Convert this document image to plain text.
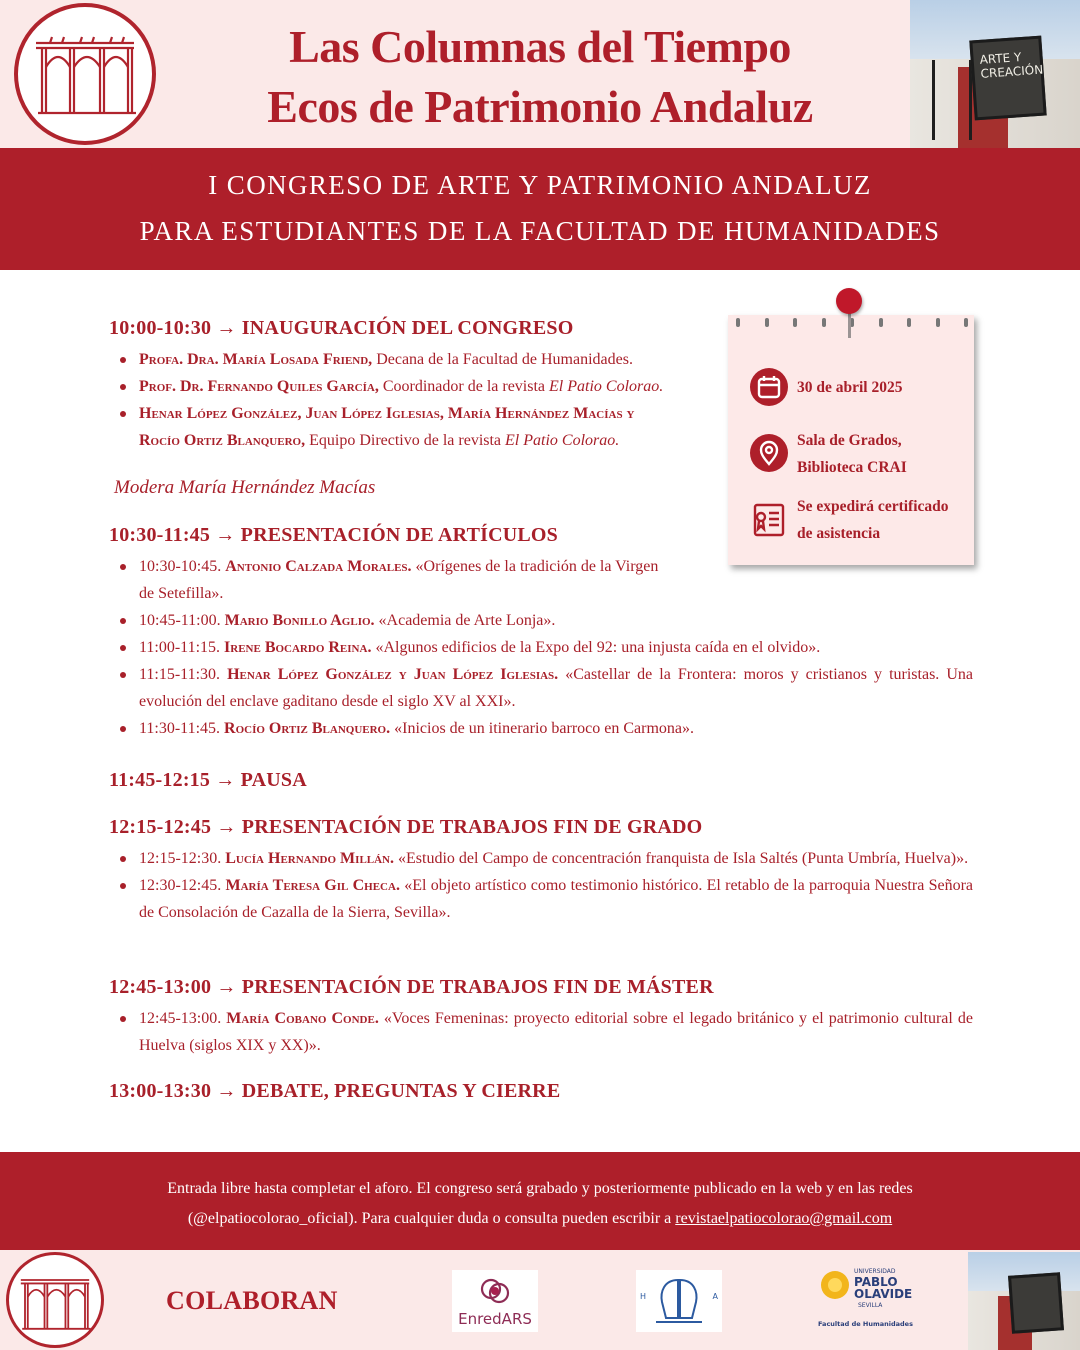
Las Columnas del Tiempo
Ecos de Patrimonio Andaluz
ARTE Y CREACIÓN
I CONGRESO DE ARTE Y PATRIMONIO ANDALUZ
PARA ESTUDIANTES DE LA FACULTAD DE HUMANIDADES
10:00-10:30 → INAUGURACIÓN DEL CONGRESO
Profa. Dra. María Losada Friend, Decana de la Facultad de Humanidades.
Prof. Dr. Fernando Quiles García, Coordinador de la revista El Patio Colorao.
Henar López González, Juan López Iglesias, María Hernández Macías y
Rocío Ortiz Blanquero, Equipo Directivo de la revista El Patio Colorao.
Modera María Hernández Macías
10:30-11:45 → PRESENTACIÓN DE ARTÍCULOS
10:30-10:45. Antonio Calzada Morales. «Orígenes de la tradición de la Virgen
de Setefilla».
10:45-11:00. Mario Bonillo Aglio. «Academia de Arte Lonja».
11:00-11:15. Irene Bocardo Reina. «Algunos edificios de la Expo del 92: una injusta caída en el olvido».
11:15-11:30. Henar López González y Juan López Iglesias. «Castellar de la Frontera: moros y cristianos y turistas. Una evolución del enclave gaditano desde el siglo XV al XXI».
11:30-11:45. Rocío Ortiz Blanquero. «Inicios de un itinerario barroco en Carmona».
11:45-12:15 → PAUSA
12:15-12:45 → PRESENTACIÓN DE TRABAJOS FIN DE GRADO
12:15-12:30. Lucía Hernando Millán. «Estudio del Campo de concentración franquista de Isla Saltés (Punta Umbría, Huelva)».
12:30-12:45. María Teresa Gil Checa. «El objeto artístico como testimonio histórico. El retablo de la parroquia Nuestra Señora de Consolación de Cazalla de la Sierra, Sevilla».
12:45-13:00 → PRESENTACIÓN DE TRABAJOS FIN DE MÁSTER
12:45-13:00. María Cobano Conde. «Voces Femeninas: proyecto editorial sobre el legado británico y el patrimonio cultural de Huelva (siglos XIX y XX)».
13:00-13:30 → DEBATE, PREGUNTAS Y CIERRE
30 de abril 2025
Sala de Grados,
Biblioteca CRAI
Se expedirá certificado
de asistencia
Entrada libre hasta completar el aforo. El congreso será grabado y posteriormente publicado en la web y en las redes
(@elpatiocolorao_oficial). Para cualquier duda o consulta pueden escribir a revistaelpatiocolorao@gmail.com
COLABORAN
EnredARS
H	A
UNIVERSIDAD
PABLO
OLAVIDE
SEVILLA
Facultad de Humanidades
